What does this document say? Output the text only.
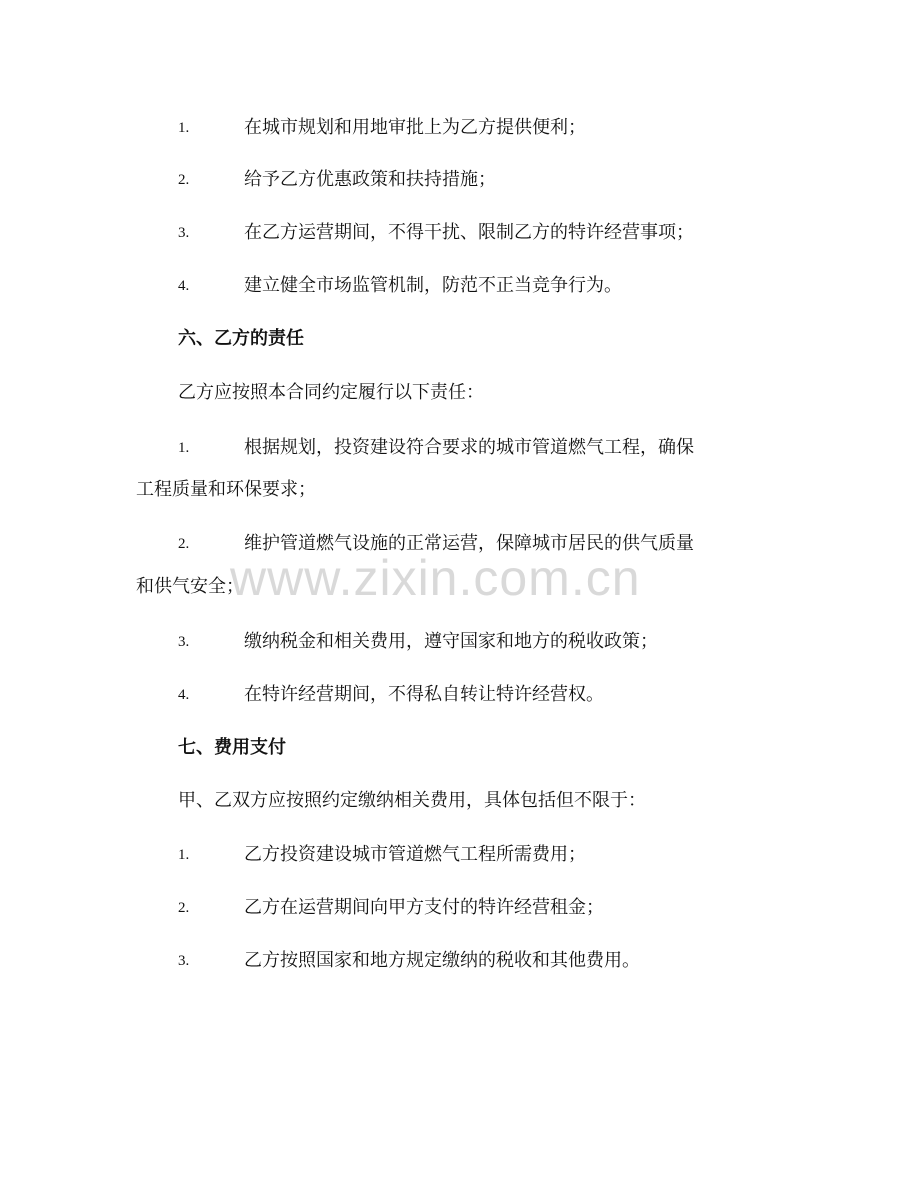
1.	在城市规划和用地审批上为乙方提供便利；
2.	给予乙方优惠政策和扶持措施；
3.	在乙方运营期间，不得干扰、限制乙方的特许经营事项；
4.	建立健全市场监管机制，防范不正当竞争行为。
六、乙方的责任
乙方应按照本合同约定履行以下责任：
1.	根据规划，投资建设符合要求的城市管道燃气工程，确保
工程质量和环保要求；
2.	维护管道燃气设施的正常运营，保障城市居民的供气质量
和供气安全；
3.	缴纳税金和相关费用，遵守国家和地方的税收政策；
4.	在特许经营期间，不得私自转让特许经营权。
七、费用支付
甲、乙双方应按照约定缴纳相关费用，具体包括但不限于：
1.	乙方投资建设城市管道燃气工程所需费用；
2.	乙方在运营期间向甲方支付的特许经营租金；
3.	乙方按照国家和地方规定缴纳的税收和其他费用。
www.zixin.com.cn
